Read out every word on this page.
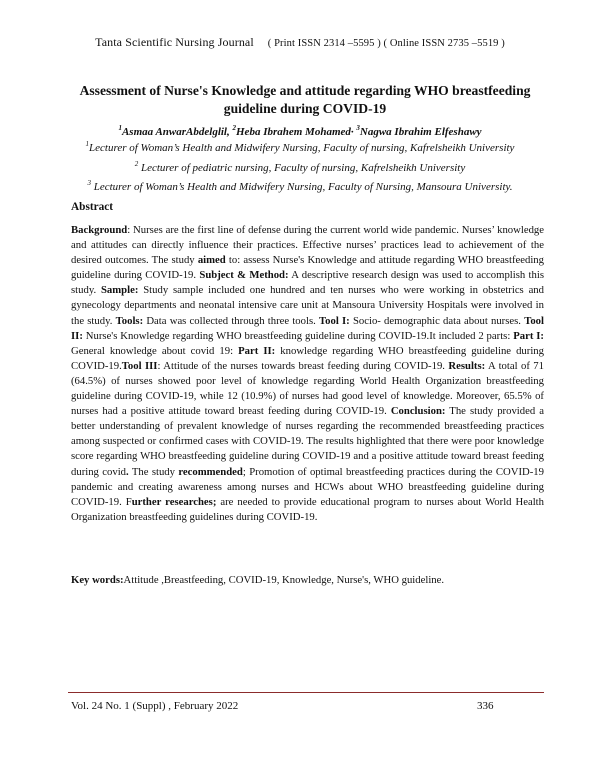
Tanta Scientific Nursing Journal ( Print ISSN 2314 –5595 ) ( Online ISSN 2735 –5519 )
Assessment of Nurse's Knowledge and attitude regarding WHO breastfeeding guideline during COVID-19
$^1$Asmaa AnwarAbdelglil, $^2$Heba Ibrahem Mohamed· $^3$Nagwa Ibrahim Elfeshawy
$^1$Lecturer of Woman’s Health and Midwifery Nursing, Faculty of nursing, Kafrelsheikh University
$^2$ Lecturer of pediatric nursing, Faculty of nursing, Kafrelsheikh University
$^3$ Lecturer of Woman’s Health and Midwifery Nursing, Faculty of Nursing, Mansoura University.
Abstract
Background: Nurses are the first line of defense during the current world wide pandemic. Nurses’ knowledge and attitudes can directly influence their practices. Effective nurses’ practices lead to achievement of the desired outcomes. The study aimed to: assess Nurse's Knowledge and attitude regarding WHO breastfeeding guideline during COVID-19. Subject & Method: A descriptive research design was used to accomplish this study. Sample: Study sample included one hundred and ten nurses who were working in obstetrics and gynecology departments and neonatal intensive care unit at Mansoura University Hospitals were involved in the study. Tools: Data was collected through three tools. Tool I: Socio- demographic data about nurses. Tool II: Nurse's Knowledge regarding WHO breastfeeding guideline during COVID-19.It included 2 parts: Part I: General knowledge about covid 19: Part II: knowledge regarding WHO breastfeeding guideline during COVID-19.Tool III: Attitude of the nurses towards breast feeding during COVID-19. Results: A total of 71 (64.5%) of nurses showed poor level of knowledge regarding World Health Organization breastfeeding guideline during COVID-19, while 12 (10.9%) of nurses had good level of knowledge. Moreover, 65.5% of nurses had a positive attitude toward breast feeding during COVID-19. Conclusion: The study provided a better understanding of prevalent knowledge of nurses regarding the recommended breastfeeding practices among suspected or confirmed cases with COVID-19. The results highlighted that there were poor knowledge score regarding WHO breastfeeding guideline during COVID-19 and a positive attitude toward breast feeding during covid. The study recommended; Promotion of optimal breastfeeding practices during the COVID-19 pandemic and creating awareness among nurses and HCWs about WHO breastfeeding guideline during COVID-19. Further researches; are needed to provide educational program to nurses about World Health Organization breastfeeding guidelines during COVID-19.
Key words:Attitude ,Breastfeeding, COVID-19, Knowledge, Nurse's, WHO guideline.
Vol. 24 No. 1 (Suppl) , February 2022	336
